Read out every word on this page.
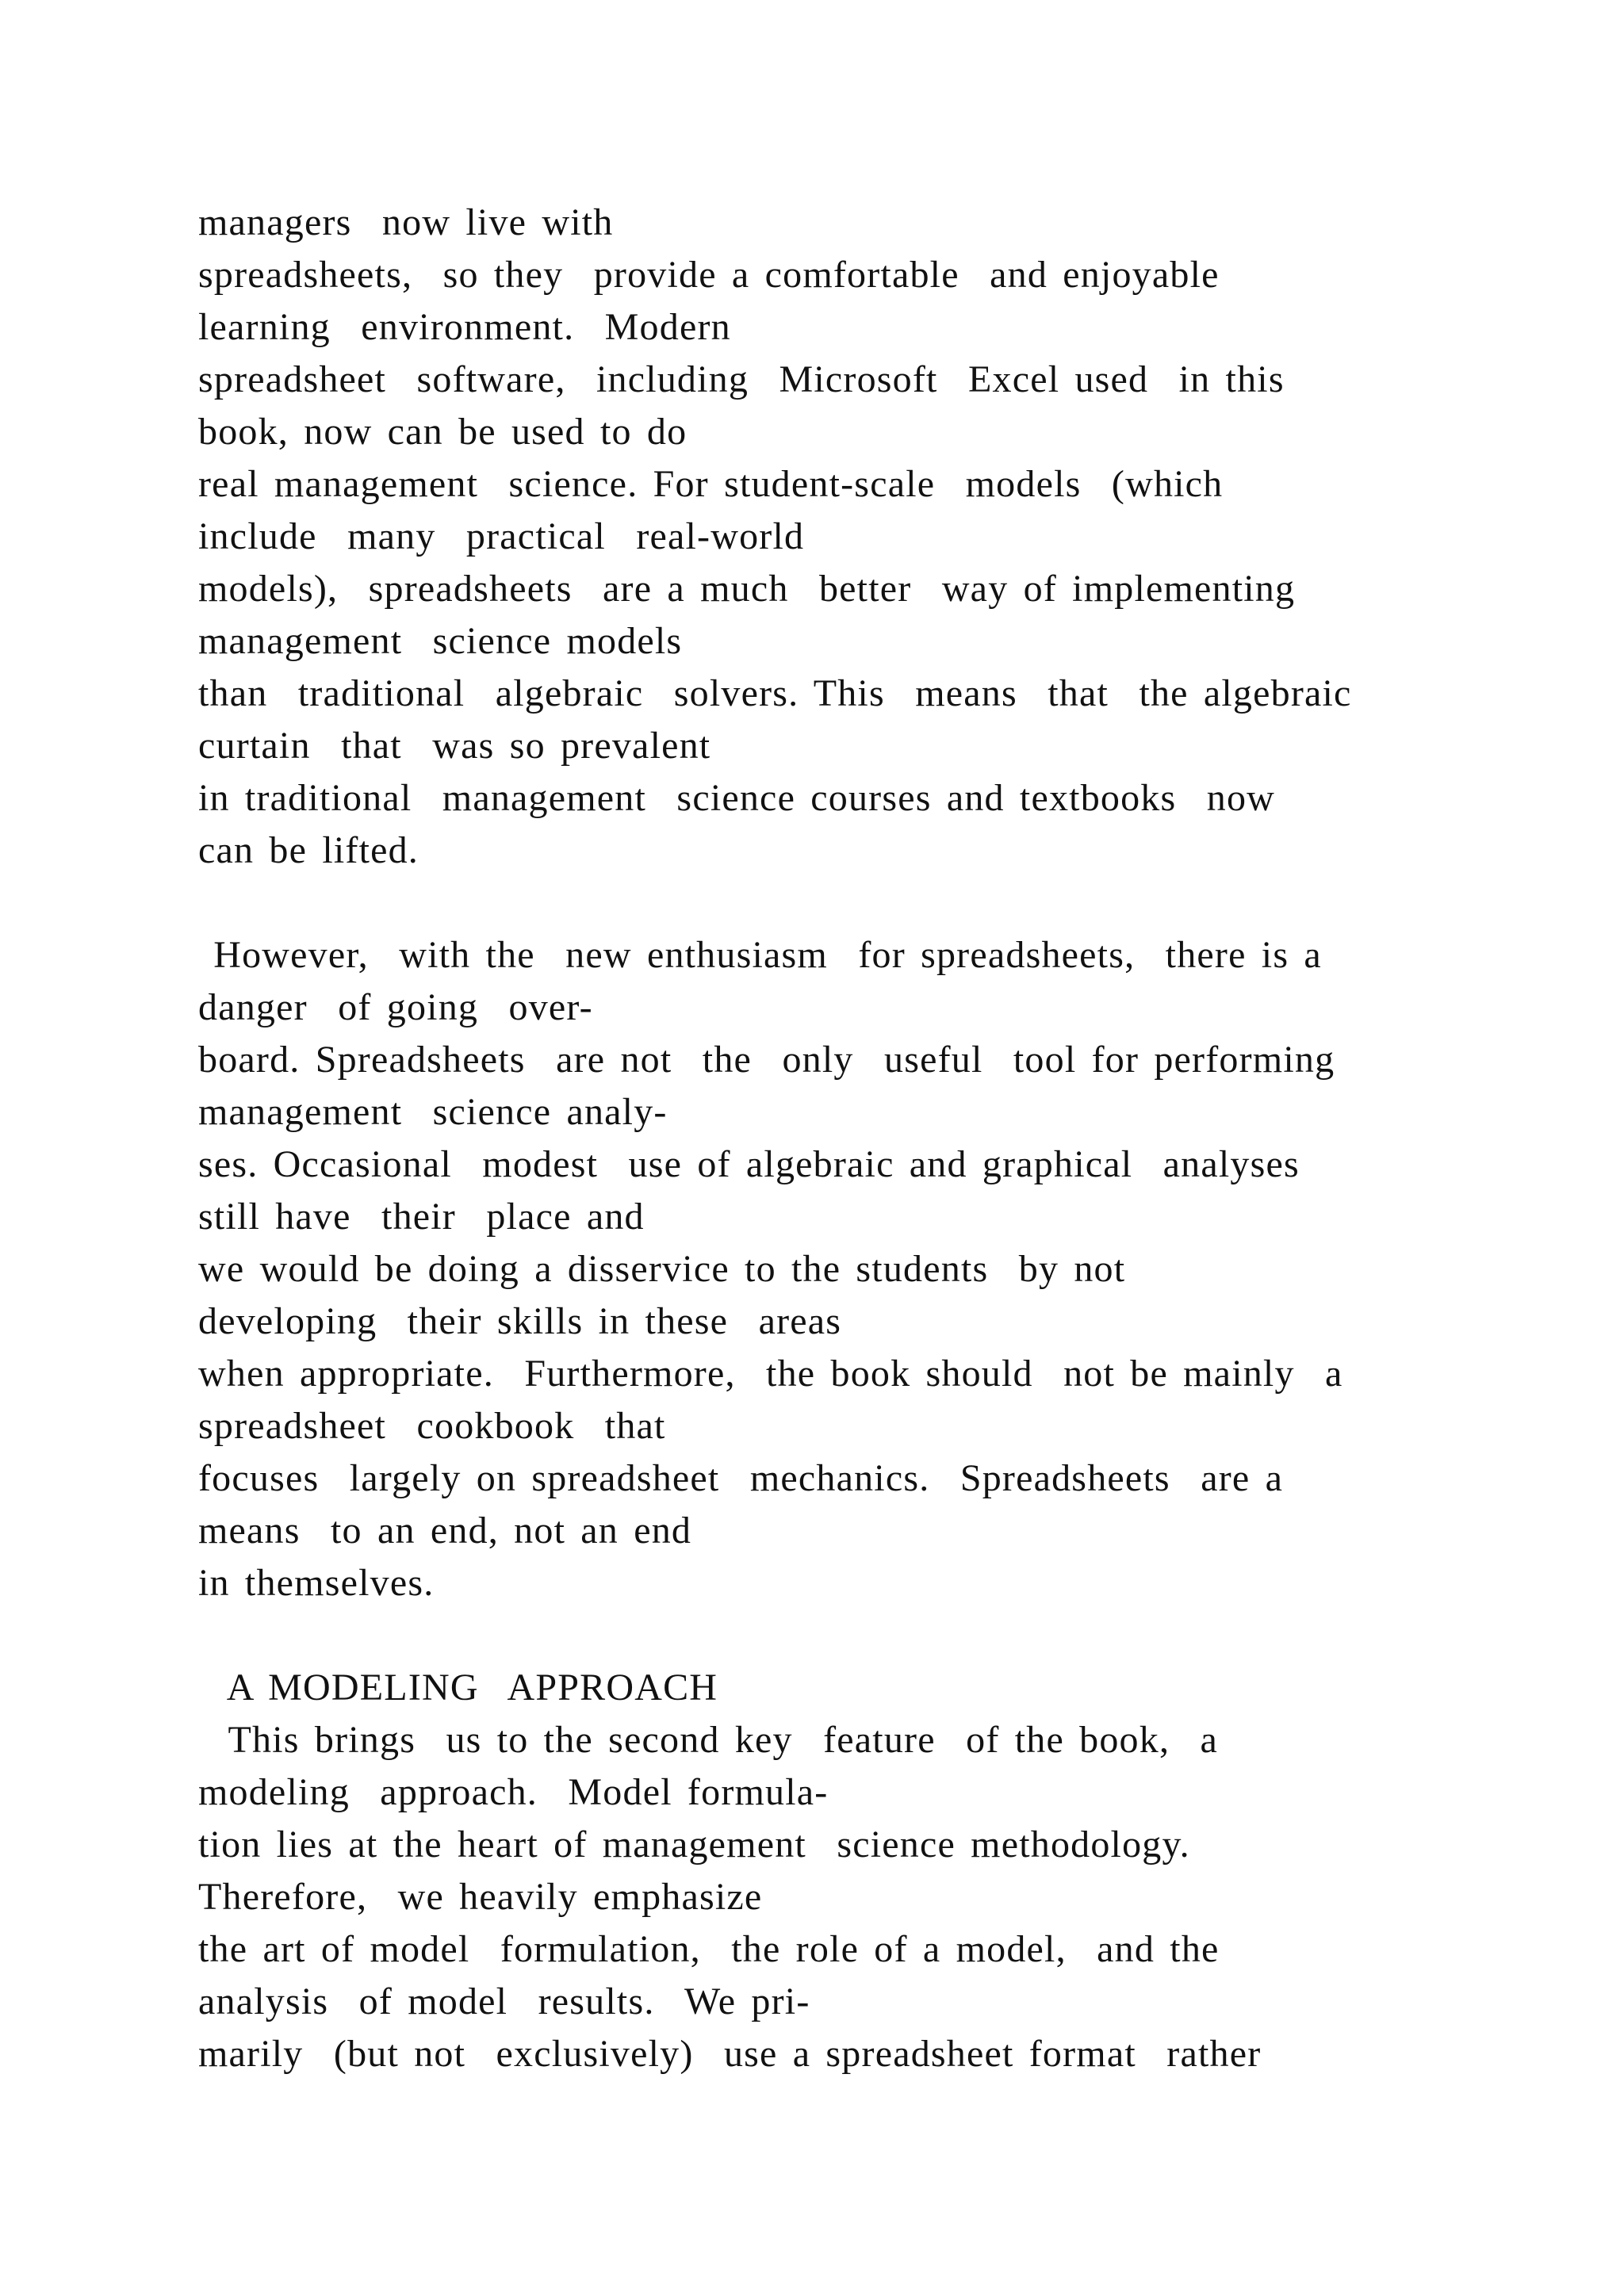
managers  now live with
spreadsheets,  so they  provide a comfortable  and enjoyable
learning  environment.  Modern
spreadsheet  software,  including  Microsoft  Excel used  in this
book, now can be used to do
real management  science. For student-scale  models  (which
include  many  practical  real-world
models),  spreadsheets  are a much  better  way of implementing
management  science models
than  traditional  algebraic  solvers. This  means  that  the algebraic
curtain  that  was so prevalent
in traditional  management  science courses and textbooks  now
can be lifted.
However,  with the  new enthusiasm  for spreadsheets,  there is a
danger  of going  over-
board. Spreadsheets  are not  the  only  useful  tool for performing
management  science analy-
ses. Occasional  modest  use of algebraic and graphical  analyses
still have  their  place and
we would be doing a disservice to the students  by not
developing  their skills in these  areas
when appropriate.  Furthermore,  the book should  not be mainly  a
spreadsheet  cookbook  that
focuses  largely on spreadsheet  mechanics.  Spreadsheets  are a
means  to an end, not an end
in themselves.
A MODELING  APPROACH
This brings  us to the second key  feature  of the book,  a
modeling  approach.  Model formula-
tion lies at the heart of management  science methodology.
Therefore,  we heavily emphasize
the art of model  formulation,  the role of a model,  and the
analysis  of model  results.  We pri-
marily  (but not  exclusively)  use a spreadsheet format  rather
